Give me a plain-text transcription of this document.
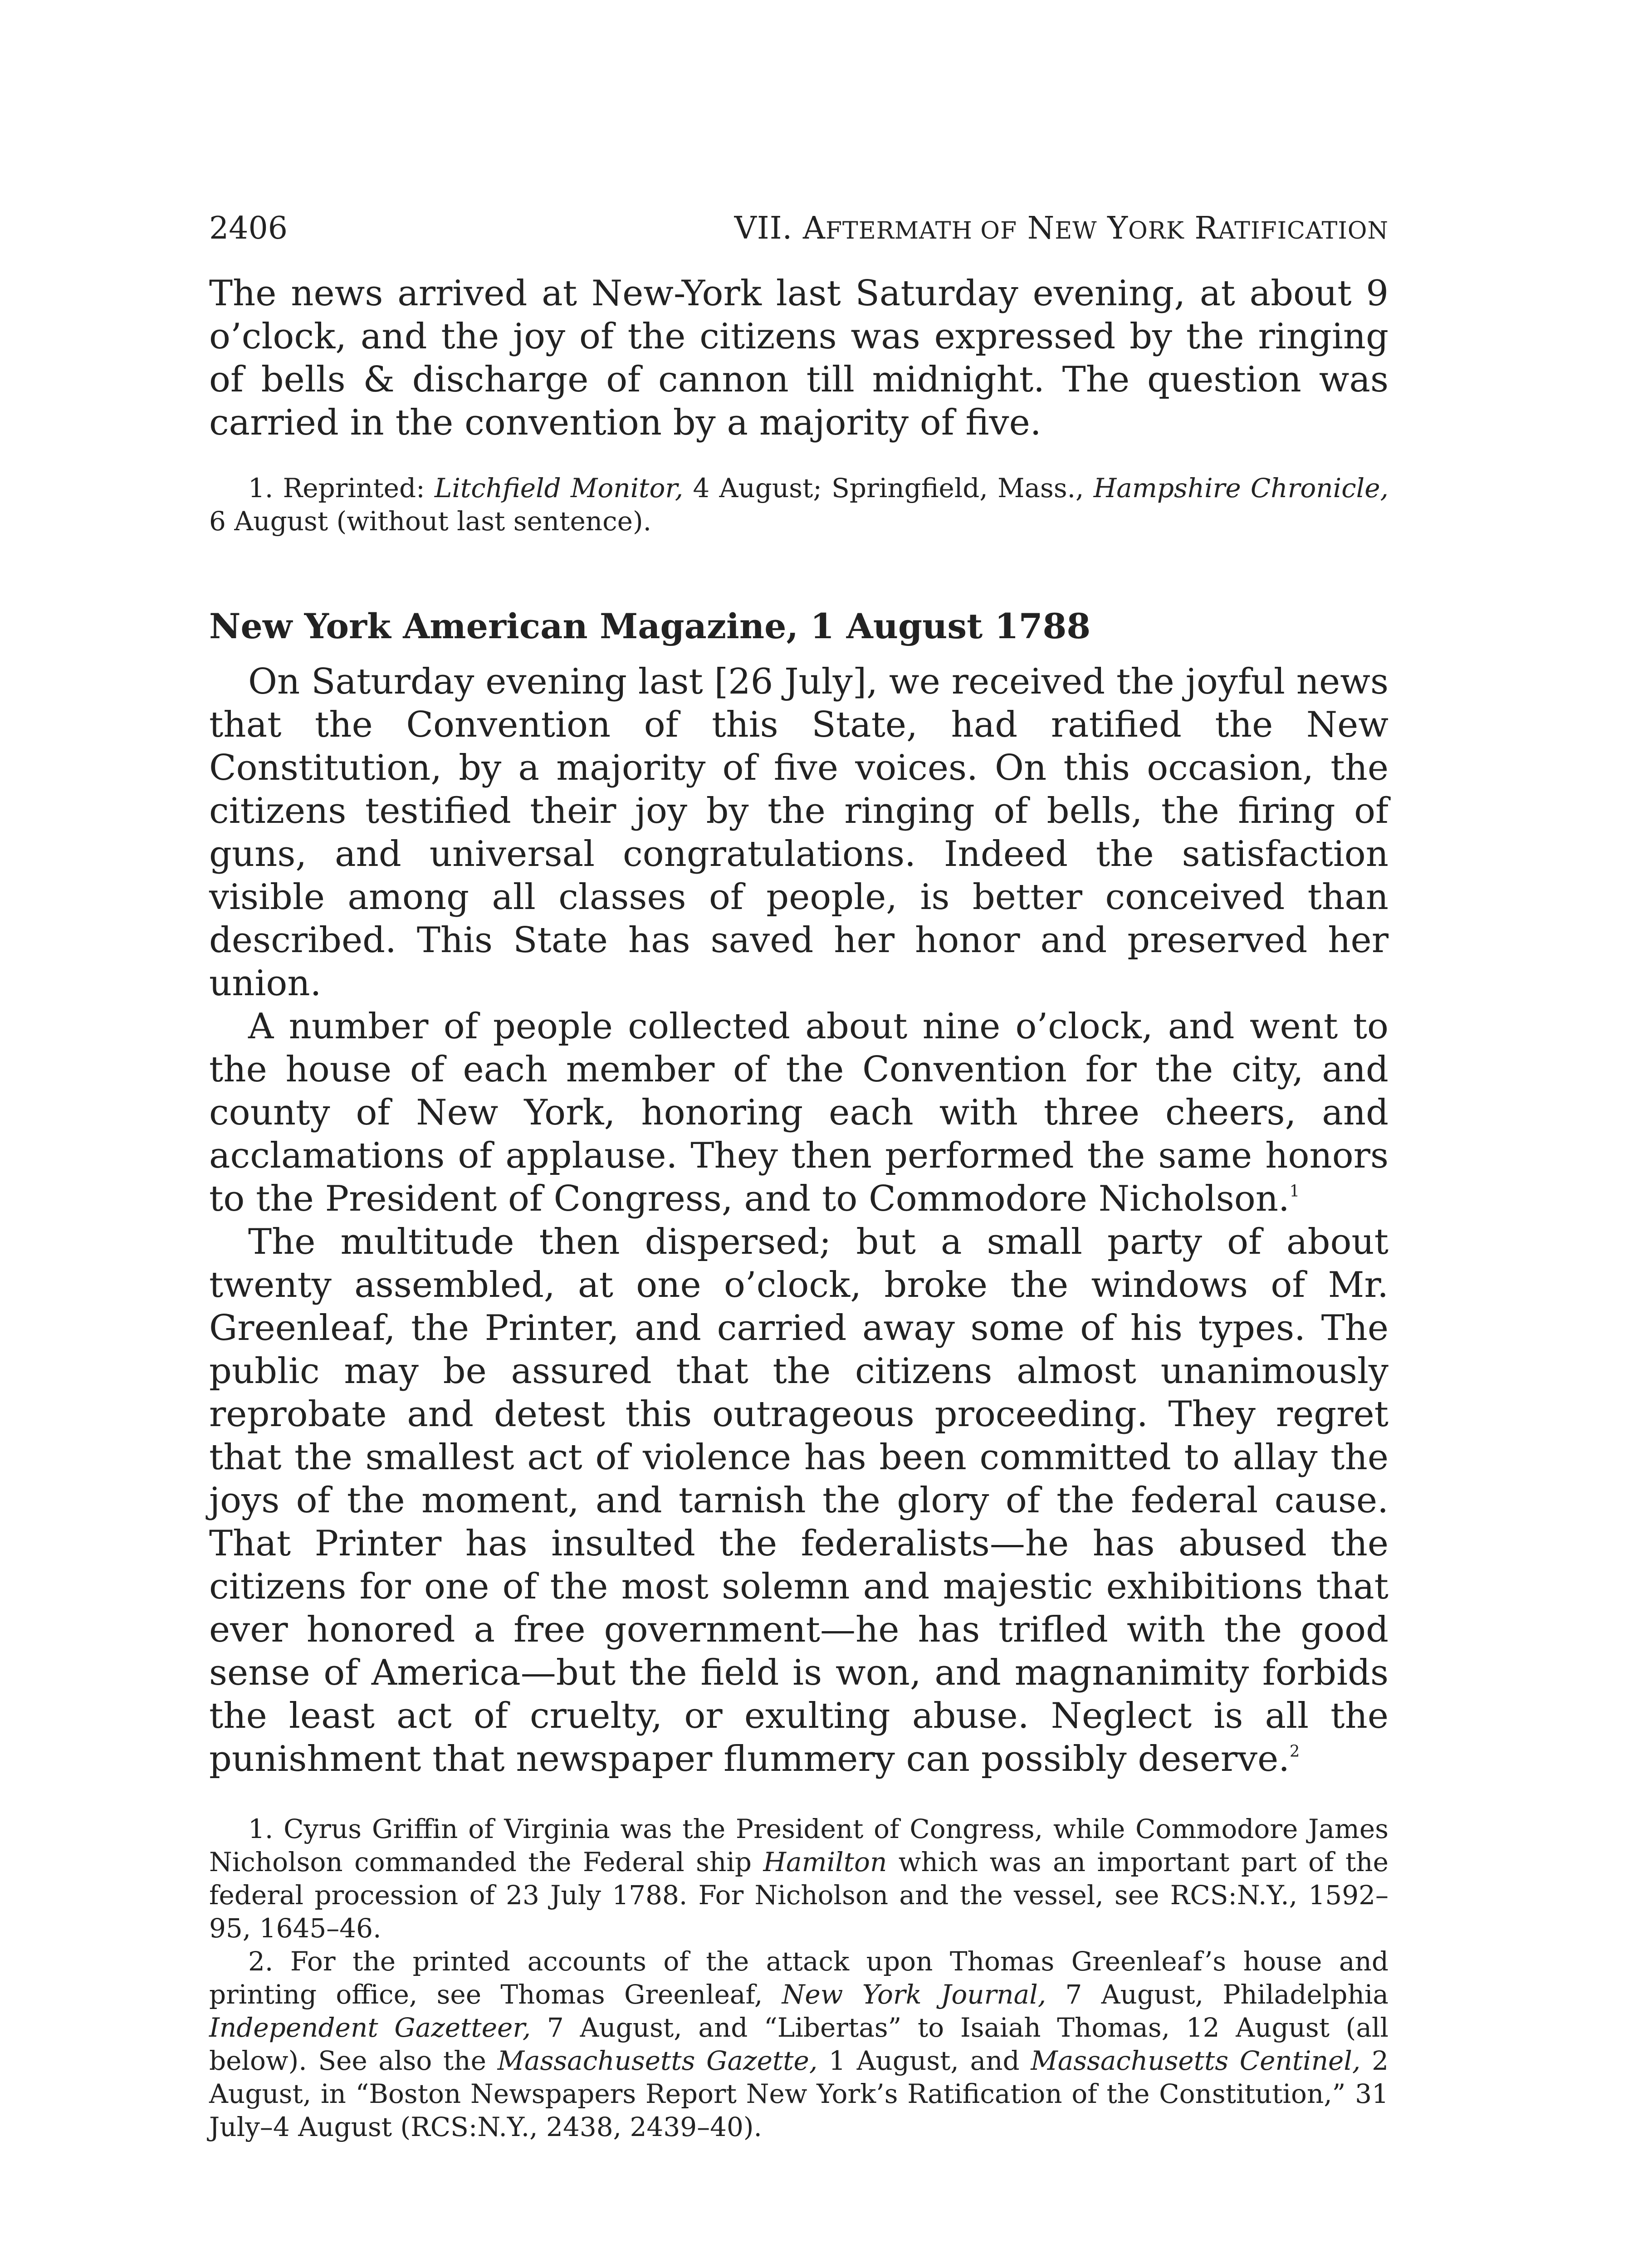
2406	VII. AFTERMATH OF NEW YORK RATIFICATION

The news arrived at New-York last Saturday evening, at about 9 o’clock, and the joy of the citizens was expressed by the ringing of bells & discharge of cannon till midnight. The question was carried in the convention by a majority of five.

1. Reprinted: Litchfield Monitor, 4 August; Springfield, Mass., Hampshire Chronicle, 6 August (without last sentence).

New York American Magazine, 1 August 1788

On Saturday evening last [26 July], we received the joyful news that the Convention of this State, had ratified the New Constitution, by a majority of five voices. On this occasion, the citizens testified their joy by the ringing of bells, the firing of guns, and universal congratulations. Indeed the satisfaction visible among all classes of people, is better conceived than described. This State has saved her honor and preserved her union.

A number of people collected about nine o’clock, and went to the house of each member of the Convention for the city, and county of New York, honoring each with three cheers, and acclamations of applause. They then performed the same honors to the President of Congress, and to Commodore Nicholson.$^1$

The multitude then dispersed; but a small party of about twenty assembled, at one o’clock, broke the windows of Mr. Greenleaf, the Printer, and carried away some of his types. The public may be assured that the citizens almost unanimously reprobate and detest this outrageous proceeding. They regret that the smallest act of violence has been committed to allay the joys of the moment, and tarnish the glory of the federal cause. That Printer has insulted the federalists—he has abused the citizens for one of the most solemn and majestic exhibitions that ever honored a free government—he has trifled with the good sense of America—but the field is won, and magnanimity forbids the least act of cruelty, or exulting abuse. Neglect is all the punishment that newspaper flummery can possibly deserve.$^2$

1. Cyrus Griffin of Virginia was the President of Congress, while Commodore James Nicholson commanded the Federal ship Hamilton which was an important part of the federal procession of 23 July 1788. For Nicholson and the vessel, see RCS:N.Y., 1592–95, 1645–46.

2. For the printed accounts of the attack upon Thomas Greenleaf’s house and printing office, see Thomas Greenleaf, New York Journal, 7 August, Philadelphia Independent Gazetteer, 7 August, and “Libertas” to Isaiah Thomas, 12 August (all below). See also the Massachusetts Gazette, 1 August, and Massachusetts Centinel, 2 August, in “Boston Newspapers Report New York’s Ratification of the Constitution,” 31 July–4 August (RCS:N.Y., 2438, 2439–40).
